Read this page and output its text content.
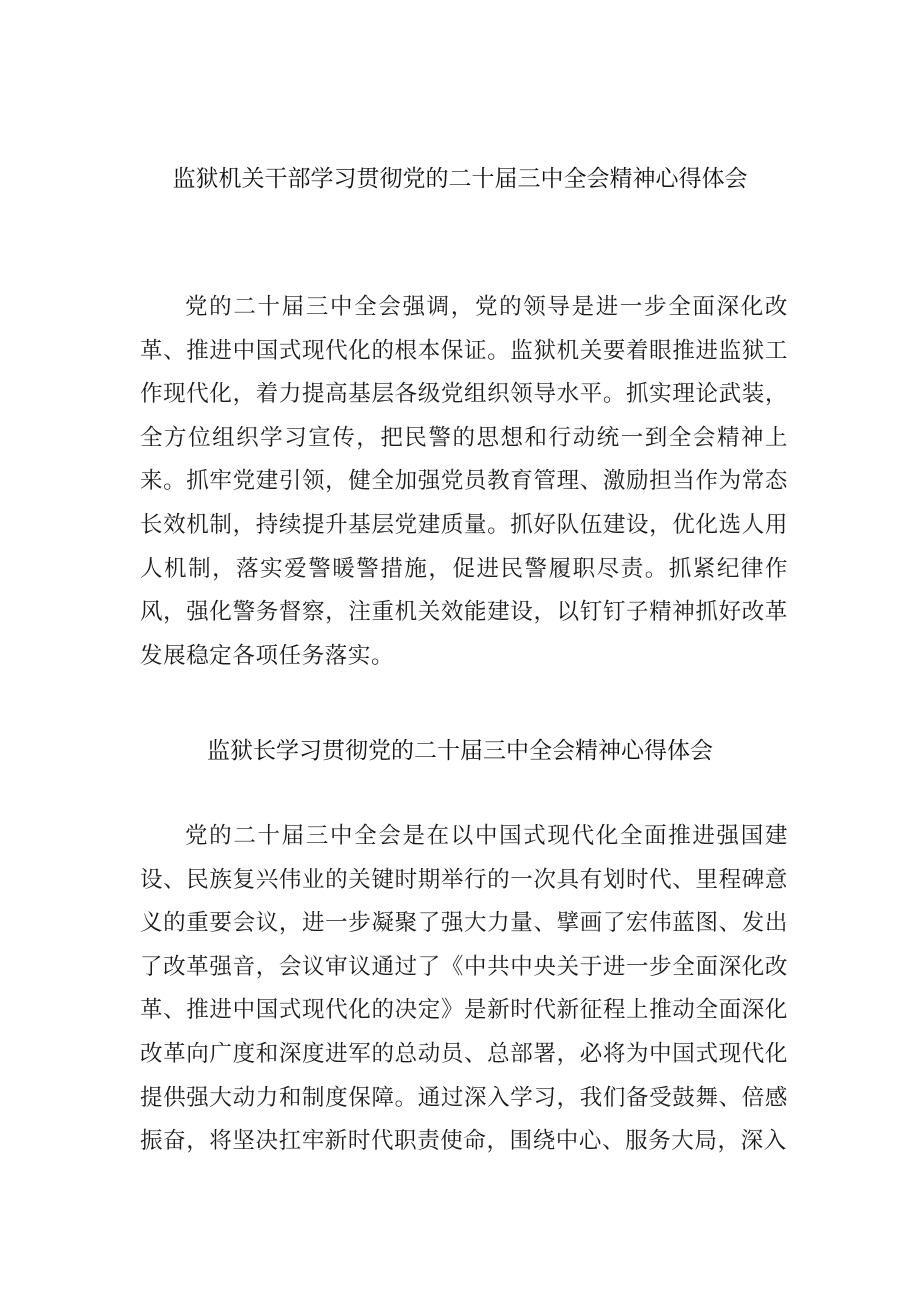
监狱机关干部学习贯彻党的二十届三中全会精神心得体会

党的二十届三中全会强调，党的领导是进一步全面深化改革、推进中国式现代化的根本保证。监狱机关要着眼推进监狱工作现代化，着力提高基层各级党组织领导水平。抓实理论武装，全方位组织学习宣传，把民警的思想和行动统一到全会精神上来。抓牢党建引领，健全加强党员教育管理、激励担当作为常态长效机制，持续提升基层党建质量。抓好队伍建设，优化选人用人机制，落实爱警暖警措施，促进民警履职尽责。抓紧纪律作风，强化警务督察，注重机关效能建设，以钉钉子精神抓好改革发展稳定各项任务落实。

监狱长学习贯彻党的二十届三中全会精神心得体会

党的二十届三中全会是在以中国式现代化全面推进强国建设、民族复兴伟业的关键时期举行的一次具有划时代、里程碑意义的重要会议，进一步凝聚了强大力量、擘画了宏伟蓝图、发出了改革强音，会议审议通过了《中共中央关于进一步全面深化改革、推进中国式现代化的决定》是新时代新征程上推动全面深化改革向广度和深度进军的总动员、总部署，必将为中国式现代化提供强大动力和制度保障。通过深入学习，我们备受鼓舞、倍感振奋，将坚决扛牢新时代职责使命，围绕中心、服务大局，深入
